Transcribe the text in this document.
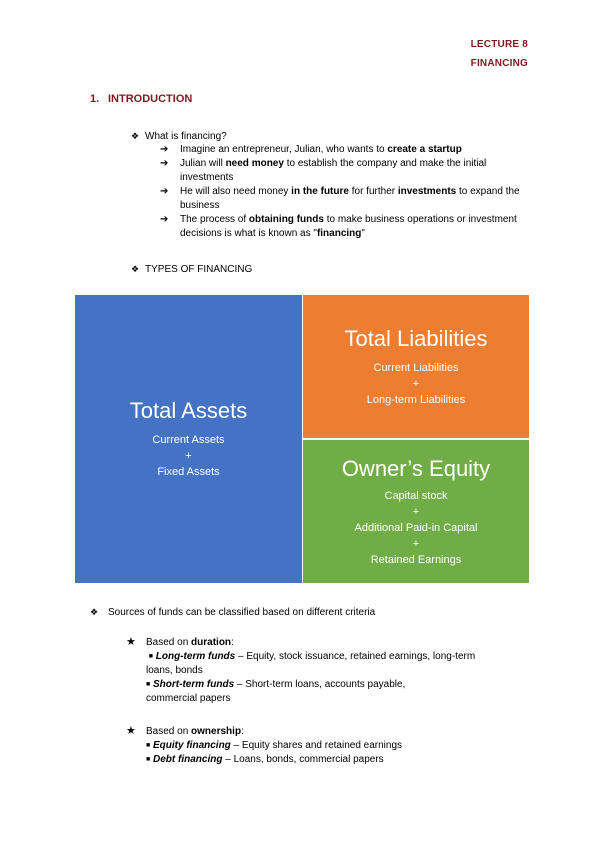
LECTURE 8
FINANCING
1. INTRODUCTION
❖ What is financing?
➔ Imagine an entrepreneur, Julian, who wants to create a startup
➔ Julian will need money to establish the company and make the initial investments
➔ He will also need money in the future for further investments to expand the business
➔ The process of obtaining funds to make business operations or investment decisions is what is known as "financing"
❖ TYPES OF FINANCING
Total Assets
Current Assets
+
Fixed Assets
Total Liabilities
Current Liabilities
+
Long-term Liabilities
Owner’s Equity
Capital stock
+
Additional Paid-in Capital
+
Retained Earnings
❖ Sources of funds can be classified based on different criteria
★ Based on duration:
■ Long-term funds – Equity, stock issuance, retained earnings, long-term
loans, bonds
■ Short-term funds – Short-term loans, accounts payable,
commercial papers
★ Based on ownership:
■ Equity financing – Equity shares and retained earnings
■ Debt financing – Loans, bonds, commercial papers
